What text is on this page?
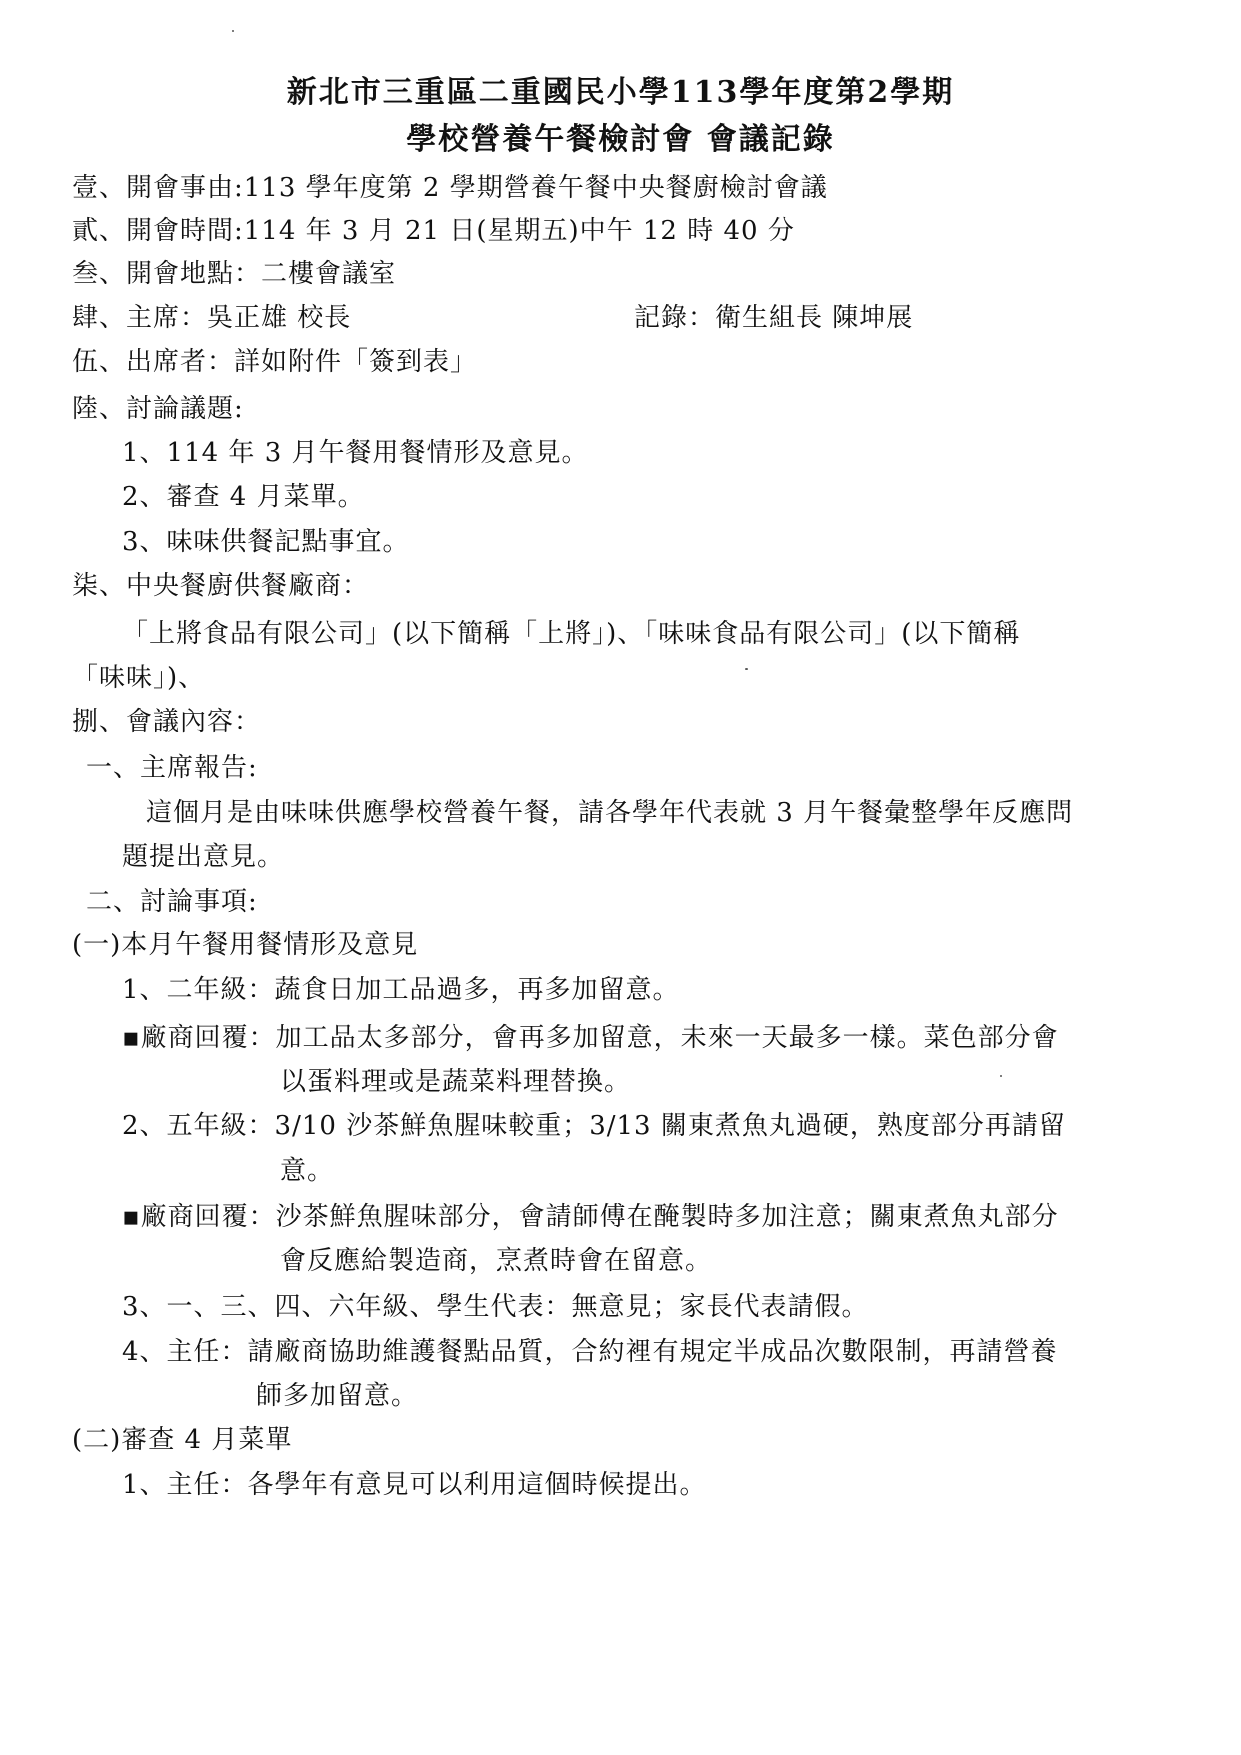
新北市三重區二重國民小學113學年度第2學期
學校營養午餐檢討會 會議記錄
壹、開會事由:113 學年度第 2 學期營養午餐中央餐廚檢討會議
貳、開會時間:114 年 3 月 21 日(星期五)中午 12 時 40 分
叁、開會地點：二樓會議室
肆、主席：吳正雄 校長	記錄：衛生組長 陳坤展
伍、出席者：詳如附件「簽到表」
陸、討論議題:
1、114 年 3 月午餐用餐情形及意見。
2、審查 4 月菜單。
3、味味供餐記點事宜。
柒、中央餐廚供餐廠商：
「上將食品有限公司」(以下簡稱「上將」)、「味味食品有限公司」(以下簡稱
「味味」)、
捌、會議內容：
一、主席報告:
這個月是由味味供應學校營養午餐，請各學年代表就 3 月午餐彙整學年反應問
題提出意見。
二、討論事項:
(一)本月午餐用餐情形及意見
1、二年級：蔬食日加工品過多，再多加留意。
▪廠商回覆：加工品太多部分，會再多加留意，未來一天最多一樣。菜色部分會
以蛋料理或是蔬菜料理替換。
2、五年級：3/10 沙茶鮮魚腥味較重；3/13 關東煮魚丸過硬，熟度部分再請留
意。
▪廠商回覆：沙茶鮮魚腥味部分，會請師傅在醃製時多加注意；關東煮魚丸部分
會反應給製造商，烹煮時會在留意。
3、一、三、四、六年級、學生代表：無意見；家長代表請假。
4、主任：請廠商協助維護餐點品質，合約裡有規定半成品次數限制，再請營養
師多加留意。
(二)審查 4 月菜單
1、主任：各學年有意見可以利用這個時候提出。
